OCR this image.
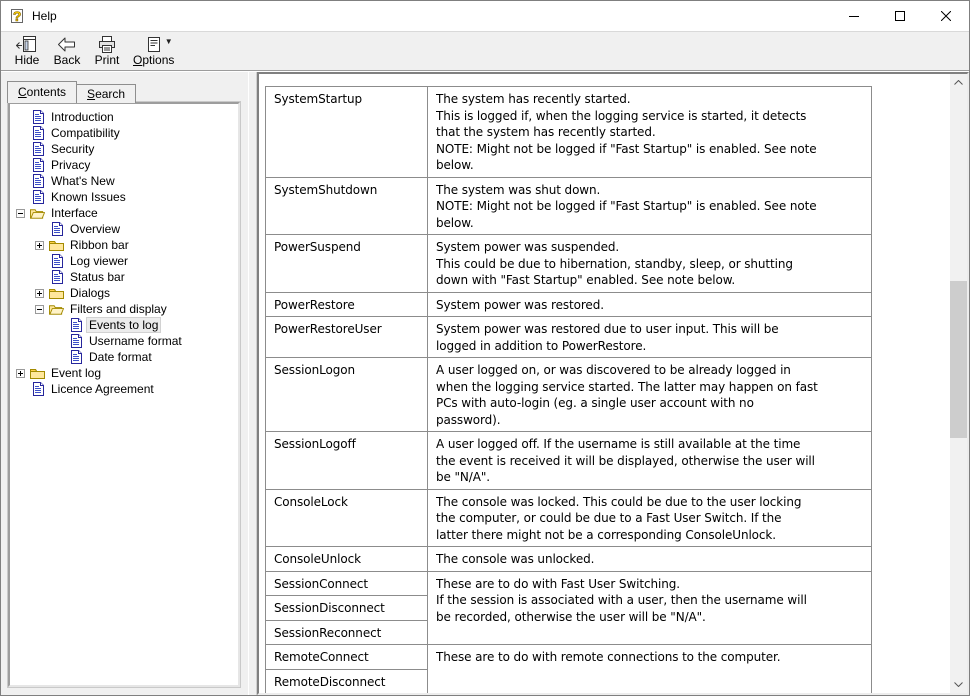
? Help
Hide Back Print
▼
Options
Contents	Search
Introduction
Compatibility
Security
Privacy
What's New
Known Issues
Interface
Overview
Ribbon bar
Log viewer
Status bar
Dialogs
Filters and display
Events to log
Username format
Date format
Event log
Licence Agreement
SystemStartup	The system has recently started.
This is logged if, when the logging service is started, it detects
that the system has recently started.
NOTE: Might not be logged if "Fast Startup" is enabled. See note
below.

SystemShutdown	The system was shut down.
NOTE: Might not be logged if "Fast Startup" is enabled. See note
below.

PowerSuspend	System power was suspended.
This could be due to hibernation, standby, sleep, or shutting
down with "Fast Startup" enabled. See note below.

PowerRestore	System power was restored.

PowerRestoreUser	System power was restored due to user input. This will be
logged in addition to PowerRestore.

SessionLogon	A user logged on, or was discovered to be already logged in
when the logging service started. The latter may happen on fast
PCs with auto-login (eg. a single user account with no
password).

SessionLogoff	A user logged off. If the username is still available at the time
the event is received it will be displayed, otherwise the user will
be "N/A".

ConsoleLock	The console was locked. This could be due to the user locking
the computer, or could be due to a Fast User Switch. If the
latter there might not be a corresponding ConsoleUnlock.

ConsoleUnlock	The console was unlocked.

SessionConnect	These are to do with Fast User Switching.
If the session is associated with a user, then the username will
be recorded, otherwise the user will be "N/A".

SessionDisconnect	
SessionReconnect	
RemoteConnect	These are to do with remote connections to the computer.

RemoteDisconnect	
